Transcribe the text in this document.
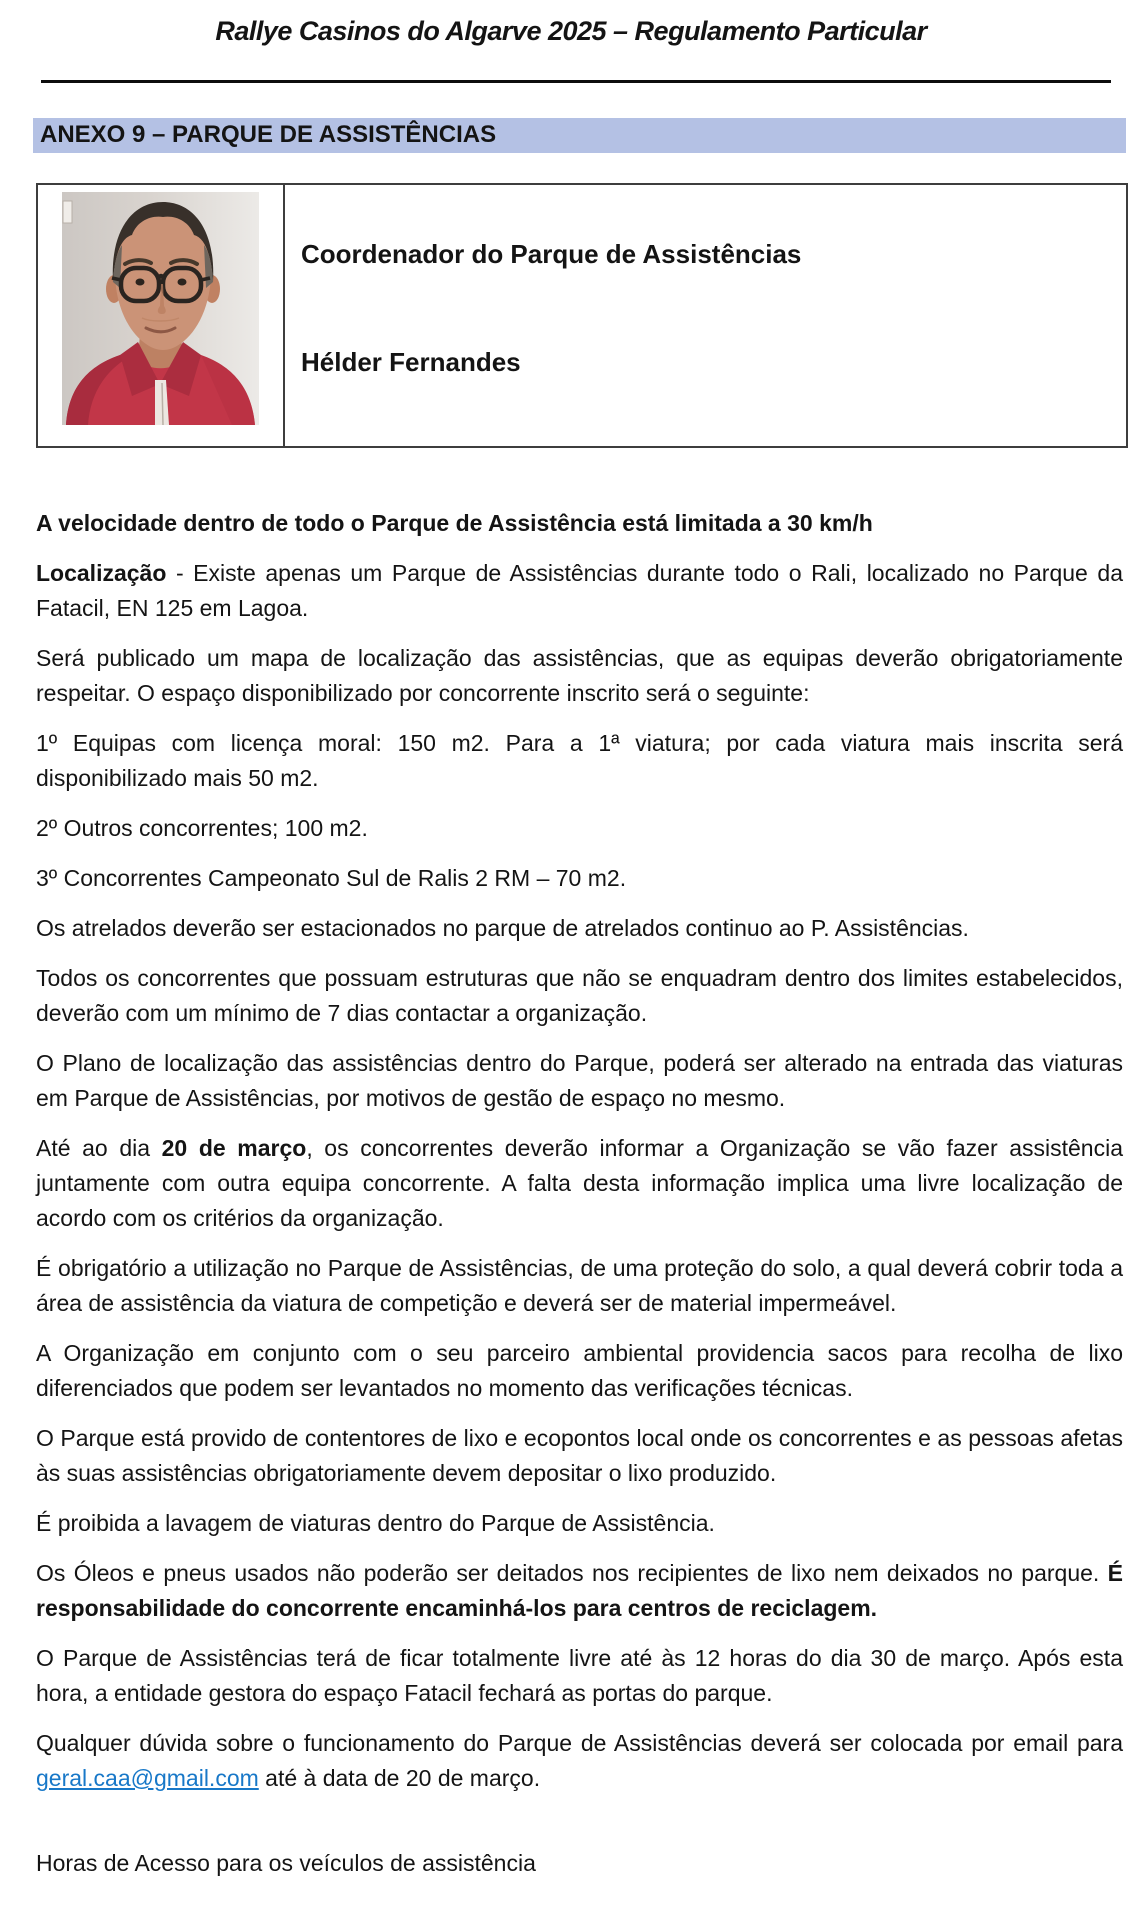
Rallye Casinos do Algarve 2025 – Regulamento Particular
ANEXO 9 – PARQUE DE ASSISTÊNCIAS

Coordenador do Parque de Assistências

Hélder Fernandes

A velocidade dentro de todo o Parque de Assistência está limitada a 30 km/h

Localização - Existe apenas um Parque de Assistências durante todo o Rali, localizado no Parque da Fatacil, EN 125 em Lagoa.

Será publicado um mapa de localização das assistências, que as equipas deverão obrigatoriamente respeitar. O espaço disponibilizado por concorrente inscrito será o seguinte:

1º Equipas com licença moral: 150 m2. Para a 1ª viatura; por cada viatura mais inscrita será disponibilizado mais 50 m2.

2º Outros concorrentes; 100 m2.

3º Concorrentes Campeonato Sul de Ralis 2 RM – 70 m2.

Os atrelados deverão ser estacionados no parque de atrelados continuo ao P. Assistências.

Todos os concorrentes que possuam estruturas que não se enquadram dentro dos limites estabelecidos, deverão com um mínimo de 7 dias contactar a organização.

O Plano de localização das assistências dentro do Parque, poderá ser alterado na entrada das viaturas em Parque de Assistências, por motivos de gestão de espaço no mesmo.

Até ao dia 20 de março, os concorrentes deverão informar a Organização se vão fazer assistência juntamente com outra equipa concorrente. A falta desta informação implica uma livre localização de acordo com os critérios da organização.

É obrigatório a utilização no Parque de Assistências, de uma proteção do solo, a qual deverá cobrir toda a área de assistência da viatura de competição e deverá ser de material impermeável.

A Organização em conjunto com o seu parceiro ambiental providencia sacos para recolha de lixo diferenciados que podem ser levantados no momento das verificações técnicas.

O Parque está provido de contentores de lixo e ecopontos local onde os concorrentes e as pessoas afetas às suas assistências obrigatoriamente devem depositar o lixo produzido.

É proibida a lavagem de viaturas dentro do Parque de Assistência.

Os Óleos e pneus usados não poderão ser deitados nos recipientes de lixo nem deixados no parque. É responsabilidade do concorrente encaminhá-los para centros de reciclagem.

O Parque de Assistências terá de ficar totalmente livre até às 12 horas do dia 30 de março. Após esta hora, a entidade gestora do espaço Fatacil fechará as portas do parque.

Qualquer dúvida sobre o funcionamento do Parque de Assistências deverá ser colocada por email para geral.caa@gmail.com até à data de 20 de março.

Horas de Acesso para os veículos de assistência
